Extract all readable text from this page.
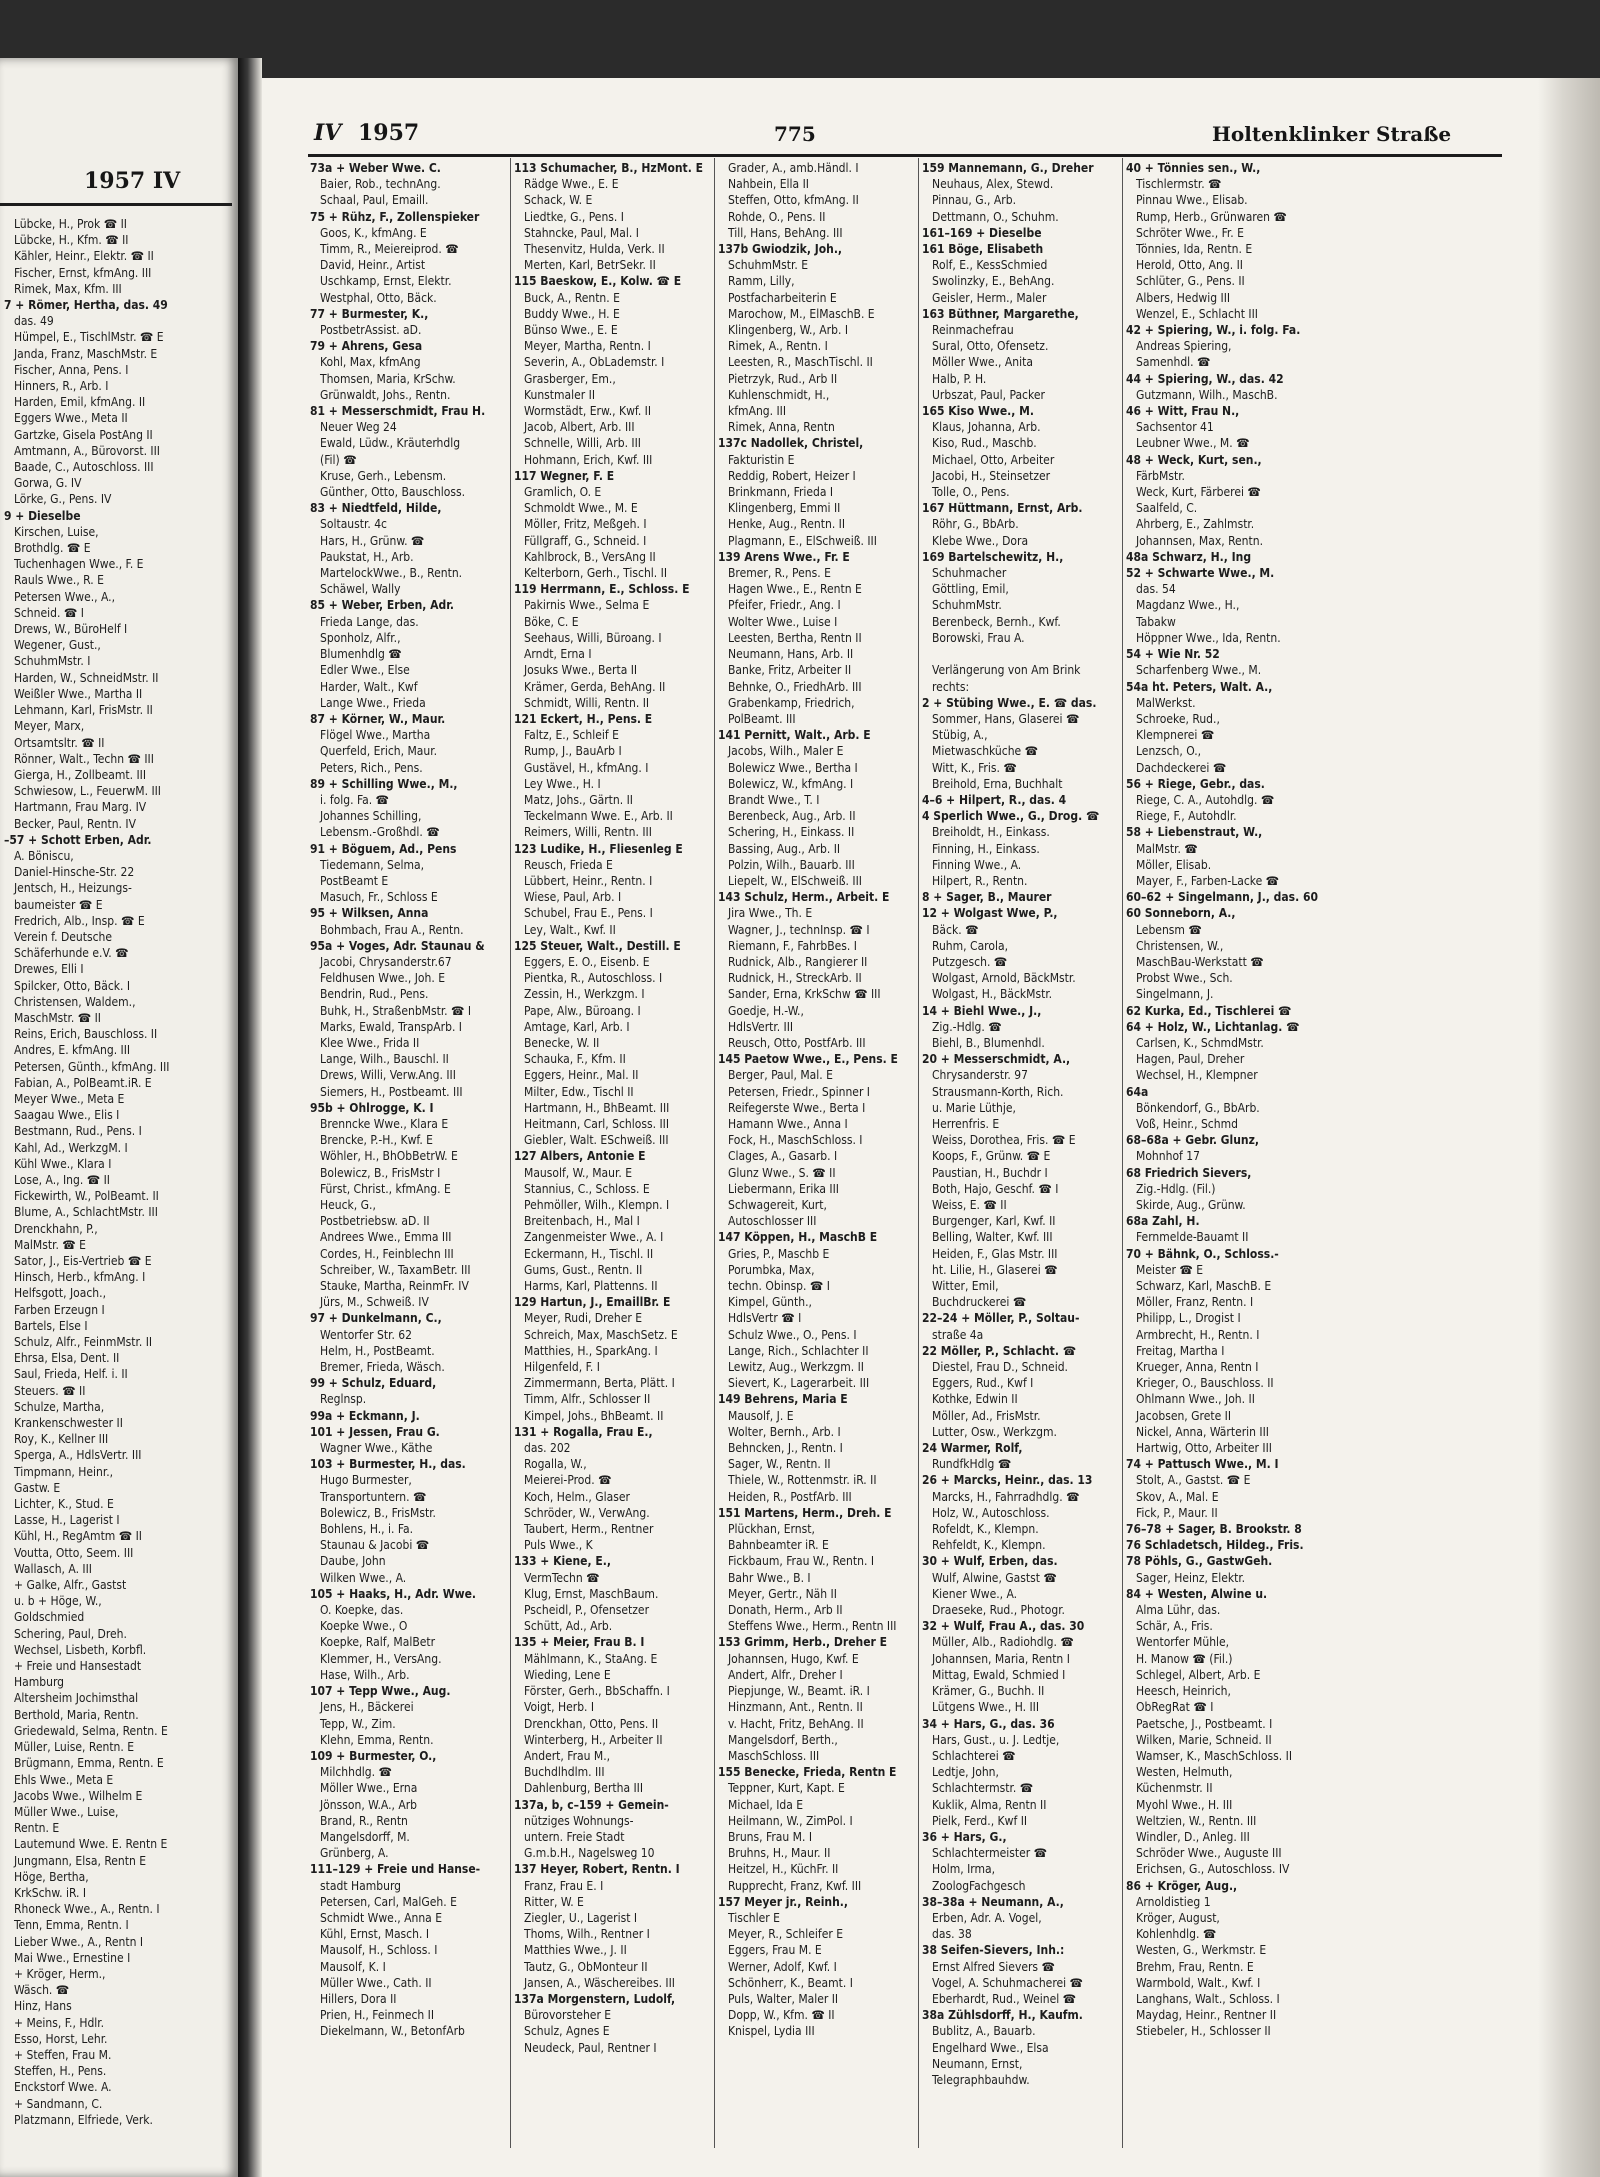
1957 IV
Lübcke, H., Prok ☎ II
Lübcke, H., Kfm. ☎ II
Kähler, Heinr., Elektr. ☎ II
Fischer, Ernst, kfmAng. III
Rimek, Max, Kfm. III
7 + Römer, Hertha, das. 49
das. 49
Hümpel, E., TischlMstr. ☎ E
Janda, Franz, MaschMstr. E
Fischer, Anna, Pens. I
Hinners, R., Arb. I
Harden, Emil, kfmAng. II
Eggers Wwe., Meta II
Gartzke, Gisela PostAng II
Amtmann, A., Bürovorst. III
Baade, C., Autoschloss. III
Gorwa, G. IV
Lörke, G., Pens. IV
9 + Dieselbe
Kirschen, Luise,
Brothdlg. ☎ E
Tuchenhagen Wwe., F. E
Rauls Wwe., R. E
Petersen Wwe., A.,
Schneid. ☎ I
Drews, W., BüroHelf I
Wegener, Gust.,
SchuhmMstr. I
Harden, W., SchneidMstr. II
Weißler Wwe., Martha II
Lehmann, Karl, FrisMstr. II
Meyer, Marx,
Ortsamtsltr. ☎ II
Rönner, Walt., Techn ☎ III
Gierga, H., Zollbeamt. III
Schwiesow, L., FeuerwM. III
Hartmann, Frau Marg. IV
Becker, Paul, Rentn. IV
–57 + Schott Erben, Adr.
A. Böniscu,
Daniel-Hinsche-Str. 22
Jentsch, H., Heizungs-
baumeister ☎ E
Fredrich, Alb., Insp. ☎ E
Verein f. Deutsche
Schäferhunde e.V. ☎
Drewes, Elli I
Spilcker, Otto, Bäck. I
Christensen, Waldem.,
MaschMstr. ☎ II
Reins, Erich, Bauschloss. II
Andres, E. kfmAng. III
Petersen, Günth., kfmAng. III
Fabian, A., PolBeamt.iR. E
Meyer Wwe., Meta E
Saagau Wwe., Elis I
Bestmann, Rud., Pens. I
Kahl, Ad., WerkzgM. I
Kühl Wwe., Klara I
Lose, A., Ing. ☎ II
Fickewirth, W., PolBeamt. II
Blume, A., SchlachtMstr. III
Drenckhahn, P.,
MalMstr. ☎ E
Sator, J., Eis-Vertrieb ☎ E
Hinsch, Herb., kfmAng. I
Helfsgott, Joach.,
Farben Erzeugn I
Bartels, Else I
Schulz, Alfr., FeinmMstr. II
Ehrsa, Elsa, Dent. II
Saul, Frieda, Helf. i. II
Steuers. ☎ II
Schulze, Martha,
Krankenschwester II
Roy, K., Kellner III
Sperga, A., HdlsVertr. III
Timpmann, Heinr.,
Gastw. E
Lichter, K., Stud. E
Lasse, H., Lagerist I
Kühl, H., RegAmtm ☎ II
Voutta, Otto, Seem. III
Wallasch, A. III
+ Galke, Alfr., Gastst
u. b + Höge, W.,
Goldschmied
Schering, Paul, Dreh.
Wechsel, Lisbeth, Korbfl.
+ Freie und Hansestadt
Hamburg
Altersheim Jochimsthal
Berthold, Maria, Rentn.
Griedewald, Selma, Rentn. E
Müller, Luise, Rentn. E
Brügmann, Emma, Rentn. E
Ehls Wwe., Meta E
Jacobs Wwe., Wilhelm E
Müller Wwe., Luise,
Rentn. E
Lautemund Wwe. E. Rentn E
Jungmann, Elsa, Rentn E
Höge, Bertha,
KrkSchw. iR. I
Rhoneck Wwe., A., Rentn. I
Tenn, Emma, Rentn. I
Lieber Wwe., A., Rentn I
Mai Wwe., Ernestine I
+ Kröger, Herm.,
Wäsch. ☎
Hinz, Hans
+ Meins, F., Hdlr.
Esso, Horst, Lehr.
+ Steffen, Frau M.
Steffen, H., Pens.
Enckstorf Wwe. A.
+ Sandmann, C.
Platzmann, Elfriede, Verk.
IV 1957	775	Holtenklinker Straße
73a + Weber Wwe. C.
Baier, Rob., technAng.
Schaal, Paul, Emaill.
75 + Rühz, F., Zollenspieker
Goos, K., kfmAng. E
Timm, R., Meiereiprod. ☎
David, Heinr., Artist
Uschkamp, Ernst, Elektr.
Westphal, Otto, Bäck.
77 + Burmester, K.,
PostbetrAssist. aD.
79 + Ahrens, Gesa
Kohl, Max, kfmAng
Thomsen, Maria, KrSchw.
Grünwaldt, Johs., Rentn.
81 + Messerschmidt, Frau H.
Neuer Weg 24
Ewald, Lüdw., Kräuterhdlg
(Fil) ☎
Kruse, Gerh., Lebensm.
Günther, Otto, Bauschloss.
83 + Niedtfeld, Hilde,
Soltaustr. 4c
Hars, H., Grünw. ☎
Paukstat, H., Arb.
MartelockWwe., B., Rentn.
Schäwel, Wally
85 + Weber, Erben, Adr.
Frieda Lange, das.
Sponholz, Alfr.,
Blumenhdlg ☎
Edler Wwe., Else
Harder, Walt., Kwf
Lange Wwe., Frieda
87 + Körner, W., Maur.
Flögel Wwe., Martha
Querfeld, Erich, Maur.
Peters, Rich., Pens.
89 + Schilling Wwe., M.,
i. folg. Fa. ☎
Johannes Schilling,
Lebensm.-Großhdl. ☎
91 + Böguem, Ad., Pens
Tiedemann, Selma,
PostBeamt E
Masuch, Fr., Schloss E
95 + Wilksen, Anna
Bohmbach, Frau A., Rentn.
95a + Voges, Adr. Staunau &
Jacobi, Chrysanderstr.67
Feldhusen Wwe., Joh. E
Bendrin, Rud., Pens.
Buhk, H., StraßenbMstr. ☎ I
Marks, Ewald, TranspArb. I
Klee Wwe., Frida II
Lange, Wilh., Bauschl. II
Drews, Willi, Verw.Ang. III
Siemers, H., Postbeamt. III
95b + Ohlrogge, K. I
Brenncke Wwe., Klara E
Brencke, P.-H., Kwf. E
Wöhler, H., BhObBetrW. E
Bolewicz, B., FrisMstr I
Fürst, Christ., kfmAng. E
Heuck, G.,
Postbetriebsw. aD. II
Andrees Wwe., Emma III
Cordes, H., Feinblechn III
Schreiber, W., TaxamBetr. III
Stauke, Martha, ReinmFr. IV
Jürs, M., Schweiß. IV
97 + Dunkelmann, C.,
Wentorfer Str. 62
Helm, H., PostBeamt.
Bremer, Frieda, Wäsch.
99 + Schulz, Eduard,
Reglnsp.
99a + Eckmann, J.
101 + Jessen, Frau G.
Wagner Wwe., Käthe
103 + Burmester, H., das.
Hugo Burmester,
Transportuntern. ☎
Bolewicz, B., FrisMstr.
Bohlens, H., i. Fa.
Staunau & Jacobi ☎
Daube, John
Wilken Wwe., A.
105 + Haaks, H., Adr. Wwe.
O. Koepke, das.
Koepke Wwe., O
Koepke, Ralf, MalBetr
Klemmer, H., VersAng.
Hase, Wilh., Arb.
107 + Tepp Wwe., Aug.
Jens, H., Bäckerei
Tepp, W., Zim.
Klehn, Emma, Rentn.
109 + Burmester, O.,
Milchhdlg. ☎
Möller Wwe., Erna
Jönsson, W.A., Arb
Brand, R., Rentn
Mangelsdorff, M.
Grünberg, A.
111–129 + Freie und Hanse-
stadt Hamburg
Petersen, Carl, MalGeh. E
Schmidt Wwe., Anna E
Kühl, Ernst, Masch. I
Mausolf, H., Schloss. I
Mausolf, K. I
Müller Wwe., Cath. II
Hillers, Dora II
Prien, H., Feinmech II
Diekelmann, W., BetonfArb
113 Schumacher, B., HzMont. E
Rädge Wwe., E. E
Schack, W. E
Liedtke, G., Pens. I
Stahncke, Paul, Mal. I
Thesenvitz, Hulda, Verk. II
Merten, Karl, BetrSekr. II
115 Baeskow, E., Kolw. ☎ E
Buck, A., Rentn. E
Buddy Wwe., H. E
Bünso Wwe., E. E
Meyer, Martha, Rentn. I
Severin, A., ObLademstr. I
Grasberger, Em.,
Kunstmaler II
Wormstädt, Erw., Kwf. II
Jacob, Albert, Arb. III
Schnelle, Willi, Arb. III
Hohmann, Erich, Kwf. III
117 Wegner, F. E
Gramlich, O. E
Schmoldt Wwe., M. E
Möller, Fritz, Meßgeh. I
Füllgraff, G., Schneid. I
Kahlbrock, B., VersAng II
Kelterborn, Gerh., Tischl. II
119 Herrmann, E., Schloss. E
Pakirnis Wwe., Selma E
Böke, C. E
Seehaus, Willi, Büroang. I
Arndt, Erna I
Josuks Wwe., Berta II
Krämer, Gerda, BehAng. II
Schmidt, Willi, Rentn. II
121 Eckert, H., Pens. E
Faltz, E., Schleif E
Rump, J., BauArb I
Gustävel, H., kfmAng. I
Ley Wwe., H. I
Matz, Johs., Gärtn. II
Teckelmann Wwe. E., Arb. II
Reimers, Willi, Rentn. III
123 Ludike, H., Fliesenleg E
Reusch, Frieda E
Lübbert, Heinr., Rentn. I
Wiese, Paul, Arb. I
Schubel, Frau E., Pens. I
Ley, Walt., Kwf. II
125 Steuer, Walt., Destill. E
Eggers, E. O., Eisenb. E
Pientka, R., Autoschloss. I
Zessin, H., Werkzgm. I
Pape, Alw., Büroang. I
Amtage, Karl, Arb. I
Benecke, W. II
Schauka, F., Kfm. II
Eggers, Heinr., Mal. II
Milter, Edw., Tischl II
Hartmann, H., BhBeamt. III
Heitmann, Carl, Schloss. III
Giebler, Walt. ESchweiß. III
127 Albers, Antonie E
Mausolf, W., Maur. E
Stannius, C., Schloss. E
Pehmöller, Wilh., Klempn. I
Breitenbach, H., Mal I
Zangenmeister Wwe., A. I
Eckermann, H., Tischl. II
Gums, Gust., Rentn. II
Harms, Karl, Plattenns. II
129 Hartun, J., EmaillBr. E
Meyer, Rudi, Dreher E
Schreich, Max, MaschSetz. E
Matthies, H., SparkAng. I
Hilgenfeld, F. I
Zimmermann, Berta, Plätt. I
Timm, Alfr., Schlosser II
Kimpel, Johs., BhBeamt. II
131 + Rogalla, Frau E.,
das. 202
Rogalla, W.,
Meierei-Prod. ☎
Koch, Helm., Glaser
Schröder, W., VerwAng.
Taubert, Herm., Rentner
Puls Wwe., K
133 + Kiene, E.,
VermTechn ☎
Klug, Ernst, MaschBaum.
Pscheidl, P., Ofensetzer
Schütt, Ad., Arb.
135 + Meier, Frau B. I
Mählmann, K., StaAng. E
Wieding, Lene E
Förster, Gerh., BbSchaffn. I
Voigt, Herb. I
Drenckhan, Otto, Pens. II
Winterberg, H., Arbeiter II
Andert, Frau M.,
Buchdlhdlm. III
Dahlenburg, Bertha III
137a, b, c–159 + Gemein-
nütziges Wohnungs-
untern. Freie Stadt
G.m.b.H., Nagelsweg 10
137 Heyer, Robert, Rentn. I
Franz, Frau E. I
Ritter, W. E
Ziegler, U., Lagerist I
Thoms, Wilh., Rentner I
Matthies Wwe., J. II
Tautz, G., ObMonteur II
Jansen, A., Wäschereibes. III
137a Morgenstern, Ludolf,
Bürovorsteher E
Schulz, Agnes E
Neudeck, Paul, Rentner I
Grader, A., amb.Händl. I
Nahbein, Ella II
Steffen, Otto, kfmAng. II
Rohde, O., Pens. II
Till, Hans, BehAng. III
137b Gwiodzik, Joh.,
SchuhmMstr. E
Ramm, Lilly,
Postfacharbeiterin E
Marochow, M., ElMaschB. E
Klingenberg, W., Arb. I
Rimek, A., Rentn. I
Leesten, R., MaschTischl. II
Pietrzyk, Rud., Arb II
Kuhlenschmidt, H.,
kfmAng. III
Rimek, Anna, Rentn
137c Nadollek, Christel,
Fakturistin E
Reddig, Robert, Heizer I
Brinkmann, Frieda I
Klingenberg, Emmi II
Henke, Aug., Rentn. II
Plagmann, E., ElSchweiß. III
139 Arens Wwe., Fr. E
Bremer, R., Pens. E
Hagen Wwe., E., Rentn E
Pfeifer, Friedr., Ang. I
Wolter Wwe., Luise I
Leesten, Bertha, Rentn II
Neumann, Hans, Arb. II
Banke, Fritz, Arbeiter II
Behnke, O., FriedhArb. III
Grabenkamp, Friedrich,
PolBeamt. III
141 Pernitt, Walt., Arb. E
Jacobs, Wilh., Maler E
Bolewicz Wwe., Bertha I
Bolewicz, W., kfmAng. I
Brandt Wwe., T. I
Berenbeck, Aug., Arb. II
Schering, H., Einkass. II
Bassing, Aug., Arb. II
Polzin, Wilh., Bauarb. III
Liepelt, W., ElSchweiß. III
143 Schulz, Herm., Arbeit. E
Jira Wwe., Th. E
Wagner, J., technInsp. ☎ I
Riemann, F., FahrbBes. I
Rudnick, Alb., Rangierer II
Rudnick, H., StreckArb. II
Sander, Erna, KrkSchw ☎ III
Goedje, H.-W.,
HdlsVertr. III
Reusch, Otto, PostfArb. III
145 Paetow Wwe., E., Pens. E
Berger, Paul, Mal. E
Petersen, Friedr., Spinner I
Reifegerste Wwe., Berta I
Hamann Wwe., Anna I
Fock, H., MaschSchloss. I
Clages, A., Gasarb. I
Glunz Wwe., S. ☎ II
Liebermann, Erika III
Schwagereit, Kurt,
Autoschlosser III
147 Köppen, H., MaschB E
Gries, P., Maschb E
Porumbka, Max,
techn. Obinsp. ☎ I
Kimpel, Günth.,
HdlsVertr ☎ I
Schulz Wwe., O., Pens. I
Lange, Rich., Schlachter II
Lewitz, Aug., Werkzgm. II
Sievert, K., Lagerarbeit. III
149 Behrens, Maria E
Mausolf, J. E
Wolter, Bernh., Arb. I
Behncken, J., Rentn. I
Sager, W., Rentn. II
Thiele, W., Rottenmstr. iR. II
Heiden, R., PostfArb. III
151 Martens, Herm., Dreh. E
Plückhan, Ernst,
Bahnbeamter iR. E
Fickbaum, Frau W., Rentn. I
Bahr Wwe., B. I
Meyer, Gertr., Näh II
Donath, Herm., Arb II
Steffens Wwe., Herm., Rentn III
153 Grimm, Herb., Dreher E
Johannsen, Hugo, Kwf. E
Andert, Alfr., Dreher I
Piepjunge, W., Beamt. iR. I
Hinzmann, Ant., Rentn. II
v. Hacht, Fritz, BehAng. II
Mangelsdorf, Berth.,
MaschSchloss. III
155 Benecke, Frieda, Rentn E
Teppner, Kurt, Kapt. E
Michael, Ida E
Heilmann, W., ZimPol. I
Bruns, Frau M. I
Bruhns, H., Maur. II
Heitzel, H., KüchFr. II
Rupprecht, Franz, Kwf. III
157 Meyer jr., Reinh.,
Tischler E
Meyer, R., Schleifer E
Eggers, Frau M. E
Werner, Adolf, Kwf. I
Schönherr, K., Beamt. I
Puls, Walter, Maler II
Dopp, W., Kfm. ☎ II
Knispel, Lydia III
159 Mannemann, G., Dreher
Neuhaus, Alex, Stewd.
Pinnau, G., Arb.
Dettmann, O., Schuhm.
161–169 + Dieselbe
161 Böge, Elisabeth
Rolf, E., KessSchmied
Swolinzky, E., BehAng.
Geisler, Herm., Maler
163 Büthner, Margarethe,
Reinmachefrau
Sural, Otto, Ofensetz.
Möller Wwe., Anita
Halb, P. H.
Urbszat, Paul, Packer
165 Kiso Wwe., M.
Klaus, Johanna, Arb.
Kiso, Rud., Maschb.
Michael, Otto, Arbeiter
Jacobi, H., Steinsetzer
Tolle, O., Pens.
167 Hüttmann, Ernst, Arb.
Röhr, G., BbArb.
Klebe Wwe., Dora
169 Bartelschewitz, H.,
Schuhmacher
Göttling, Emil,
SchuhmMstr.
Berenbeck, Bernh., Kwf.
Borowski, Frau A.

Verlängerung von Am Brink
rechts:
2 + Stübing Wwe., E. ☎ das.
Sommer, Hans, Glaserei ☎
Stübig, A.,
Mietwaschküche ☎
Witt, K., Fris. ☎
Breihold, Erna, Buchhalt
4–6 + Hilpert, R., das. 4
4 Sperlich Wwe., G., Drog. ☎
Breiholdt, H., Einkass.
Finning, H., Einkass.
Finning Wwe., A.
Hilpert, R., Rentn.
8 + Sager, B., Maurer
12 + Wolgast Wwe, P.,
Bäck. ☎
Ruhm, Carola,
Putzgesch. ☎
Wolgast, Arnold, BäckMstr.
Wolgast, H., BäckMstr.
14 + Biehl Wwe., J.,
Zig.-Hdlg. ☎
Biehl, B., Blumenhdl.
20 + Messerschmidt, A.,
Chrysanderstr. 97
Strausmann-Korth, Rich.
u. Marie Lüthje,
Herrenfris. E
Weiss, Dorothea, Fris. ☎ E
Koops, F., Grünw. ☎ E
Paustian, H., Buchdr I
Both, Hajo, Geschf. ☎ I
Weiss, E. ☎ II
Burgenger, Karl, Kwf. II
Belling, Walter, Kwf. III
Heiden, F., Glas Mstr. III
ht. Lilie, H., Glaserei ☎
Witter, Emil,
Buchdruckerei ☎
22–24 + Möller, P., Soltau-
straße 4a
22 Möller, P., Schlacht. ☎
Diestel, Frau D., Schneid.
Eggers, Rud., Kwf I
Kothke, Edwin II
Möller, Ad., FrisMstr.
Lutter, Osw., Werkzgm.
24 Warmer, Rolf,
RundfkHdlg ☎
26 + Marcks, Heinr., das. 13
Marcks, H., Fahrradhdlg. ☎
Holz, W., Autoschloss.
Rofeldt, K., Klempn.
Rehfeldt, K., Klempn.
30 + Wulf, Erben, das.
Wulf, Alwine, Gastst ☎
Kiener Wwe., A.
Draeseke, Rud., Photogr.
32 + Wulf, Frau A., das. 30
Müller, Alb., Radiohdlg. ☎
Johannsen, Maria, Rentn I
Mittag, Ewald, Schmied I
Krämer, G., Buchh. II
Lütgens Wwe., H. III
34 + Hars, G., das. 36
Hars, Gust., u. J. Ledtje,
Schlachterei ☎
Ledtje, John,
Schlachtermstr. ☎
Kuklik, Alma, Rentn II
Pielk, Ferd., Kwf II
36 + Hars, G.,
Schlachtermeister ☎
Holm, Irma,
ZoologFachgesch
38–38a + Neumann, A.,
Erben, Adr. A. Vogel,
das. 38
38 Seifen-Sievers, Inh.:
Ernst Alfred Sievers ☎
Vogel, A. Schuhmacherei ☎
Eberhardt, Rud., Weinel ☎
38a Zühlsdorff, H., Kaufm.
Bublitz, A., Bauarb.
Engelhard Wwe., Elsa
Neumann, Ernst,
Telegraphbauhdw.
40 + Tönnies sen., W.,
Tischlermstr. ☎
Pinnau Wwe., Elisab.
Rump, Herb., Grünwaren ☎
Schröter Wwe., Fr. E
Tönnies, Ida, Rentn. E
Herold, Otto, Ang. II
Schlüter, G., Pens. II
Albers, Hedwig III
Wenzel, E., Schlacht III
42 + Spiering, W., i. folg. Fa.
Andreas Spiering,
Samenhdl. ☎
44 + Spiering, W., das. 42
Gutzmann, Wilh., MaschB.
46 + Witt, Frau N.,
Sachsentor 41
Leubner Wwe., M. ☎
48 + Weck, Kurt, sen.,
FärbMstr.
Weck, Kurt, Färberei ☎
Saalfeld, C.
Ahrberg, E., Zahlmstr.
Johannsen, Max, Rentn.
48a Schwarz, H., Ing
52 + Schwarte Wwe., M.
das. 54
Magdanz Wwe., H.,
Tabakw
Höppner Wwe., Ida, Rentn.
54 + Wie Nr. 52
Scharfenberg Wwe., M.
54a ht. Peters, Walt. A.,
MalWerkst.
Schroeke, Rud.,
Klempnerei ☎
Lenzsch, O.,
Dachdeckerei ☎
56 + Riege, Gebr., das.
Riege, C. A., Autohdlg. ☎
Riege, F., Autohdlr.
58 + Liebenstraut, W.,
MalMstr. ☎
Möller, Elisab.
Mayer, F., Farben-Lacke ☎
60–62 + Singelmann, J., das. 60
60 Sonneborn, A.,
Lebensm ☎
Christensen, W.,
MaschBau-Werkstatt ☎
Probst Wwe., Sch.
Singelmann, J.
62 Kurka, Ed., Tischlerei ☎
64 + Holz, W., Lichtanlag. ☎
Carlsen, K., SchmdMstr.
Hagen, Paul, Dreher
Wechsel, H., Klempner
64a
Bönkendorf, G., BbArb.
Voß, Heinr., Schmd
68–68a + Gebr. Glunz,
Mohnhof 17
68 Friedrich Sievers,
Zig.-Hdlg. (Fil.)
Skirde, Aug., Grünw.
68a Zahl, H.
Fernmelde-Bauamt II
70 + Bähnk, O., Schloss.-
Meister ☎ E
Schwarz, Karl, MaschB. E
Möller, Franz, Rentn. I
Philipp, L., Drogist I
Armbrecht, H., Rentn. I
Freitag, Martha I
Krueger, Anna, Rentn I
Krieger, O., Bauschloss. II
Ohlmann Wwe., Joh. II
Jacobsen, Grete II
Nickel, Anna, Wärterin III
Hartwig, Otto, Arbeiter III
74 + Pattusch Wwe., M. I
Stolt, A., Gastst. ☎ E
Skov, A., Mal. E
Fick, P., Maur. II
76–78 + Sager, B. Brookstr. 8
76 Schladetsch, Hildeg., Fris.
78 Pöhls, G., GastwGeh.
Sager, Heinz, Elektr.
84 + Westen, Alwine u.
Alma Lühr, das.
Schär, A., Fris.
Wentorfer Mühle,
H. Manow ☎ (Fil.)
Schlegel, Albert, Arb. E
Heesch, Heinrich,
ObRegRat ☎ I
Paetsche, J., Postbeamt. I
Wilken, Marie, Schneid. II
Wamser, K., MaschSchloss. II
Westen, Helmuth,
Küchenmstr. II
Myohl Wwe., H. III
Weltzien, W., Rentn. III
Windler, D., Anleg. III
Schröder Wwe., Auguste III
Erichsen, G., Autoschloss. IV
86 + Kröger, Aug.,
Arnoldistieg 1
Kröger, August,
Kohlenhdlg. ☎
Westen, G., Werkmstr. E
Brehm, Frau, Rentn. E
Warmbold, Walt., Kwf. I
Langhans, Walt., Schloss. I
Maydag, Heinr., Rentner II
Stiebeler, H., Schlosser II
